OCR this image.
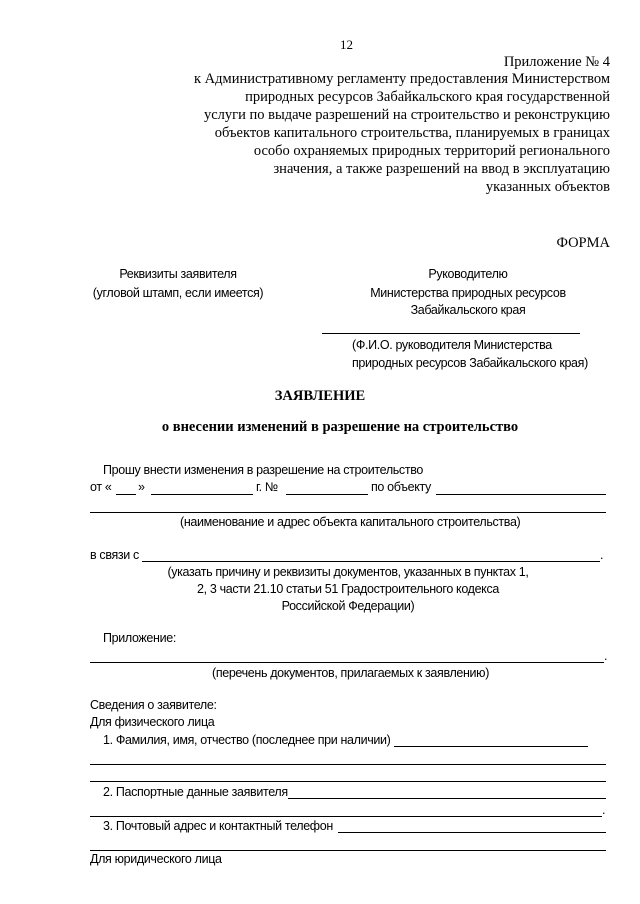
12
Приложение № 4
к Административному регламенту предоставления Министерством
природных ресурсов Забайкальского края государственной
услуги по выдаче разрешений на строительство и реконструкцию
объектов капитального строительства, планируемых в границах
особо охраняемых природных территорий регионального
значения, а также разрешений на ввод в эксплуатацию
указанных объектов
ФОРМА
Реквизиты заявителя
(угловой штамп, если имеется)
Руководителю
Министерства природных ресурсов
Забайкальского края
(Ф.И.О. руководителя Министерства
природных ресурсов Забайкальского края)
ЗАЯВЛЕНИЕ
о внесении изменений в разрешение на строительство
Прошу внести изменения в разрешение на строительство
от « »	г. №	по объекту
(наименование и адрес объекта капитального строительства)
в связи с	.
(указать причину и реквизиты документов, указанных в пунктах 1,
2, 3 части 21.10 статьи 51 Градостроительного кодекса
Российской Федерации)
Приложение:
.
(перечень документов, прилагаемых к заявлению)
Сведения о заявителе:
Для физического лица
1. Фамилия, имя, отчество (последнее при наличии)
2. Паспортные данные заявителя
.
3. Почтовый адрес и контактный телефон
Для юридического лица
